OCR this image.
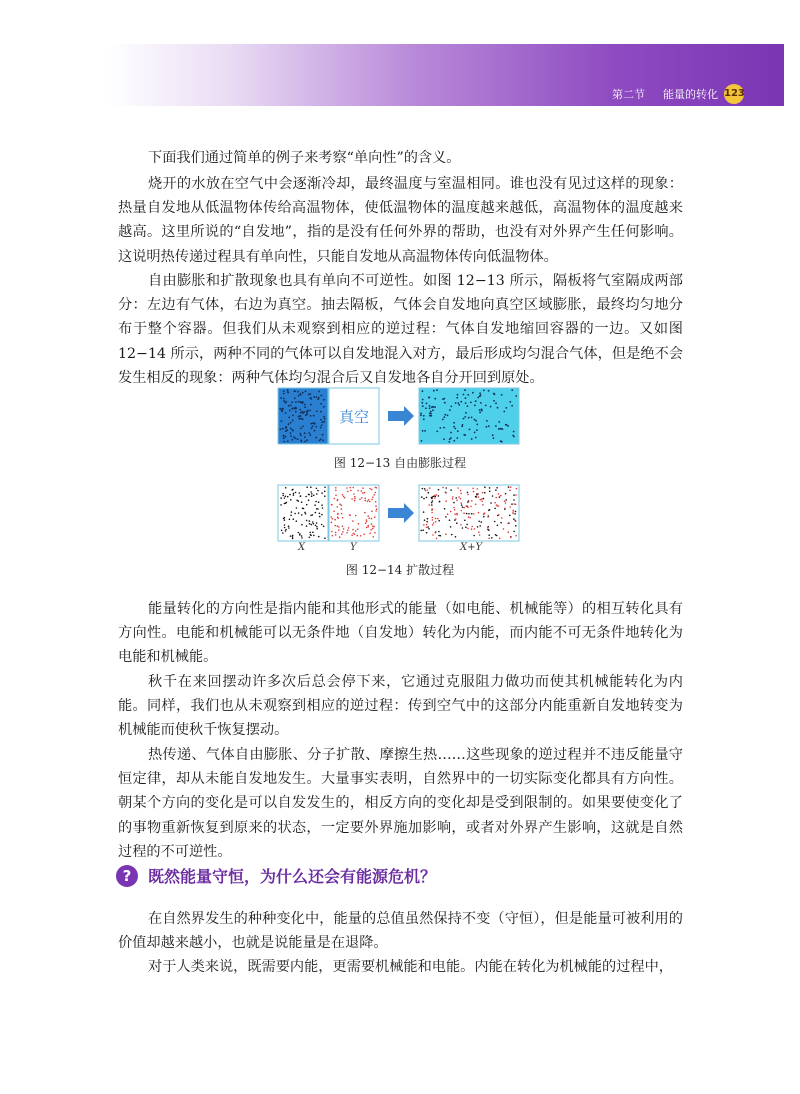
第二节 能量的转化 123

下面我们通过简单的例子来考察“单向性”的含义。

烧开的水放在空气中会逐渐冷却，最终温度与室温相同。谁也没有见过这样的现象：热量自发地从低温物体传给高温物体，使低温物体的温度越来越低，高温物体的温度越来越高。这里所说的“自发地”，指的是没有任何外界的帮助，也没有对外界产生任何影响。这说明热传递过程具有单向性，只能自发地从高温物体传向低温物体。

自由膨胀和扩散现象也具有单向不可逆性。如图 12−13 所示，隔板将气室隔成两部分：左边有气体，右边为真空。抽去隔板，气体会自发地向真空区域膨胀，最终均匀地分布于整个容器。但我们从未观察到相应的逆过程：气体自发地缩回容器的一边。又如图 12−14 所示，两种不同的气体可以自发地混入对方，最后形成均匀混合气体，但是绝不会发生相反的现象：两种气体均匀混合后又自发地各自分开回到原处。

真空
图 12−13 自由膨胀过程
X	Y	X+Y
图 12−14 扩散过程

能量转化的方向性是指内能和其他形式的能量（如电能、机械能等）的相互转化具有方向性。电能和机械能可以无条件地（自发地）转化为内能，而内能不可无条件地转化为电能和机械能。

秋千在来回摆动许多次后总会停下来，它通过克服阻力做功而使其机械能转化为内能。同样，我们也从未观察到相应的逆过程：传到空气中的这部分内能重新自发地转变为机械能而使秋千恢复摆动。

热传递、气体自由膨胀、分子扩散、摩擦生热……这些现象的逆过程并不违反能量守恒定律，却从未能自发地发生。大量事实表明，自然界中的一切实际变化都具有方向性。朝某个方向的变化是可以自发发生的，相反方向的变化却是受到限制的。如果要使变化了的事物重新恢复到原来的状态，一定要外界施加影响，或者对外界产生影响，这就是自然过程的不可逆性。

?	既然能量守恒，为什么还会有能源危机？

在自然界发生的种种变化中，能量的总值虽然保持不变（守恒），但是能量可被利用的价值却越来越小，也就是说能量是在退降。

对于人类来说，既需要内能，更需要机械能和电能。内能在转化为机械能的过程中，
